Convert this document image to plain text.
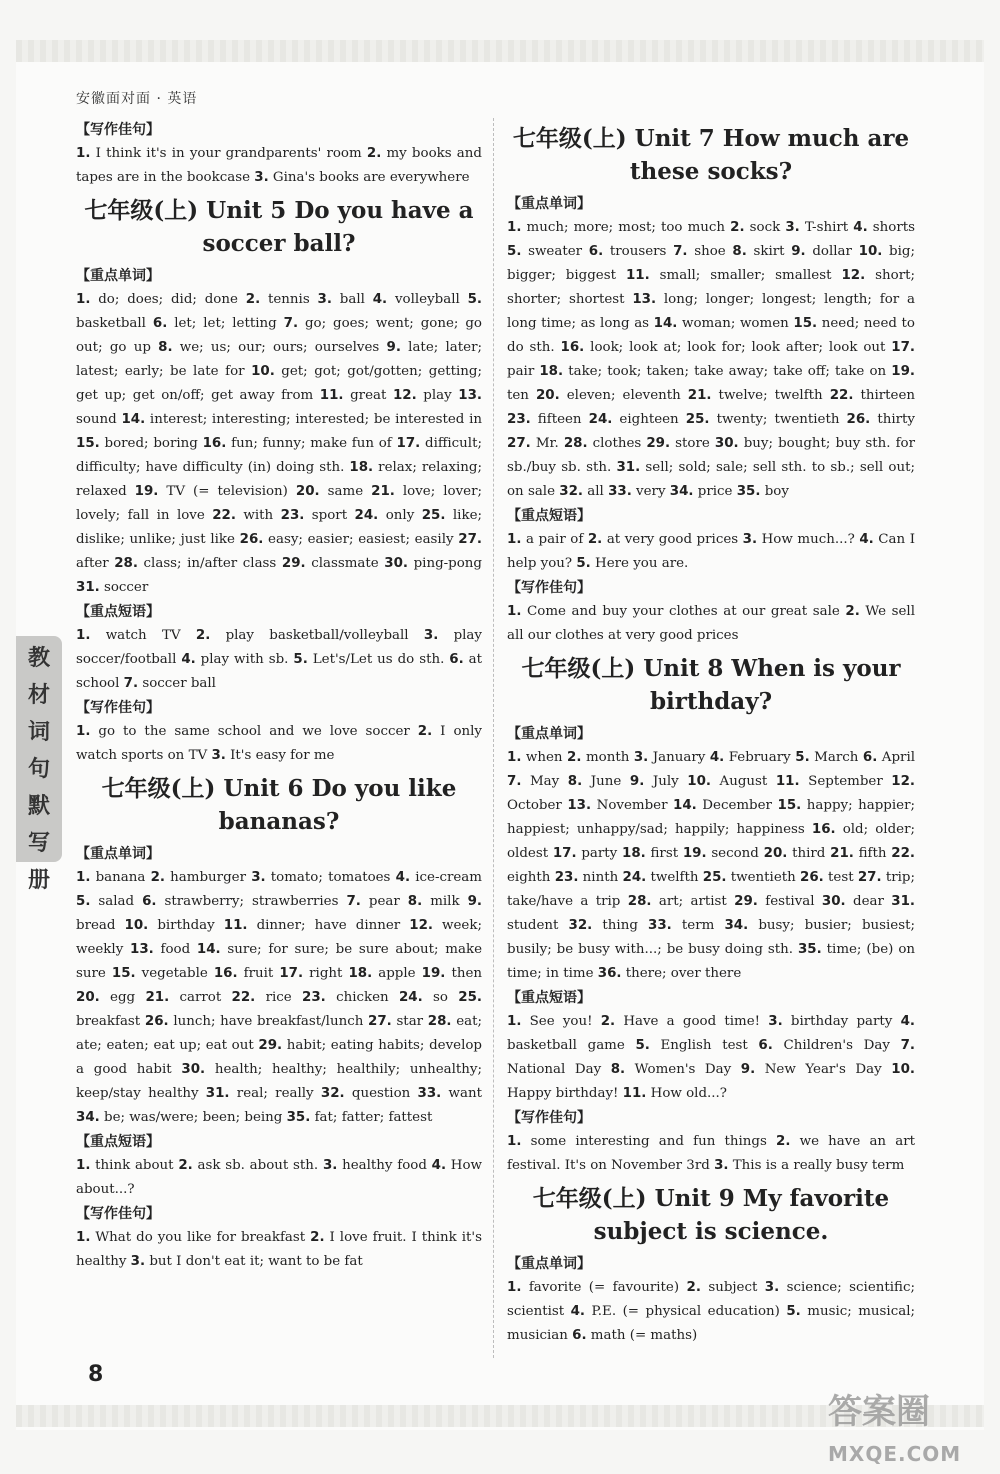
安徽面对面 · 英语
【写作佳句】
1. I think it's in your grandparents' room 2. my books and tapes are in the bookcase 3. Gina's books are everywhere
七年级(上) Unit 5 Do you have a soccer ball?
【重点单词】
1. do; does; did; done 2. tennis 3. ball 4. volleyball 5. basketball 6. let; let; letting 7. go; goes; went; gone; go out; go up 8. we; us; our; ours; ourselves 9. late; later; latest; early; be late for 10. get; got; got/gotten; getting; get up; get on/off; get away from 11. great 12. play 13. sound 14. interest; interesting; interested; be interested in 15. bored; boring 16. fun; funny; make fun of 17. difficult; difficulty; have difficulty (in) doing sth. 18. relax; relaxing; relaxed 19. TV (= television) 20. same 21. love; lover; lovely; fall in love 22. with 23. sport 24. only 25. like; dislike; unlike; just like 26. easy; easier; easiest; easily 27. after 28. class; in/after class 29. classmate 30. ping-pong 31. soccer
【重点短语】
1. watch TV 2. play basketball/volleyball 3. play soccer/football 4. play with sb. 5. Let's/Let us do sth. 6. at school 7. soccer ball
【写作佳句】
1. go to the same school and we love soccer 2. I only watch sports on TV 3. It's easy for me
七年级(上) Unit 6 Do you like bananas?
【重点单词】
1. banana 2. hamburger 3. tomato; tomatoes 4. ice-cream 5. salad 6. strawberry; strawberries 7. pear 8. milk 9. bread 10. birthday 11. dinner; have dinner 12. week; weekly 13. food 14. sure; for sure; be sure about; make sure 15. vegetable 16. fruit 17. right 18. apple 19. then 20. egg 21. carrot 22. rice 23. chicken 24. so 25. breakfast 26. lunch; have breakfast/lunch 27. star 28. eat; ate; eaten; eat up; eat out 29. habit; eating habits; develop a good habit 30. health; healthy; healthily; unhealthy; keep/stay healthy 31. real; really 32. question 33. want 34. be; was/were; been; being 35. fat; fatter; fattest
【重点短语】
1. think about 2. ask sb. about sth. 3. healthy food 4. How about...?
【写作佳句】
1. What do you like for breakfast 2. I love fruit. I think it's healthy 3. but I don't eat it; want to be fat
七年级(上) Unit 7 How much are these socks?
【重点单词】
1. much; more; most; too much 2. sock 3. T-shirt 4. shorts 5. sweater 6. trousers 7. shoe 8. skirt 9. dollar 10. big; bigger; biggest 11. small; smaller; smallest 12. short; shorter; shortest 13. long; longer; longest; length; for a long time; as long as 14. woman; women 15. need; need to do sth. 16. look; look at; look for; look after; look out 17. pair 18. take; took; taken; take away; take off; take on 19. ten 20. eleven; eleventh 21. twelve; twelfth 22. thirteen 23. fifteen 24. eighteen 25. twenty; twentieth 26. thirty 27. Mr. 28. clothes 29. store 30. buy; bought; buy sth. for sb./buy sb. sth. 31. sell; sold; sale; sell sth. to sb.; sell out; on sale 32. all 33. very 34. price 35. boy
【重点短语】
1. a pair of 2. at very good prices 3. How much...? 4. Can I help you? 5. Here you are.
【写作佳句】
1. Come and buy your clothes at our great sale 2. We sell all our clothes at very good prices
七年级(上) Unit 8 When is your birthday?
【重点单词】
1. when 2. month 3. January 4. February 5. March 6. April 7. May 8. June 9. July 10. August 11. September 12. October 13. November 14. December 15. happy; happier; happiest; unhappy/sad; happily; happiness 16. old; older; oldest 17. party 18. first 19. second 20. third 21. fifth 22. eighth 23. ninth 24. twelfth 25. twentieth 26. test 27. trip; take/have a trip 28. art; artist 29. festival 30. dear 31. student 32. thing 33. term 34. busy; busier; busiest; busily; be busy with...; be busy doing sth. 35. time; (be) on time; in time 36. there; over there
【重点短语】
1. See you! 2. Have a good time! 3. birthday party 4. basketball game 5. English test 6. Children's Day 7. National Day 8. Women's Day 9. New Year's Day 10. Happy birthday! 11. How old...?
【写作佳句】
1. some interesting and fun things 2. we have an art festival. It's on November 3rd 3. This is a really busy term
七年级(上) Unit 9 My favorite subject is science.
【重点单词】
1. favorite (= favourite) 2. subject 3. science; scientific; scientist 4. P.E. (= physical education) 5. music; musical; musician 6. math (= maths)
教
材
词
句
默
写
册
8
答案圈
MXQE.COM
